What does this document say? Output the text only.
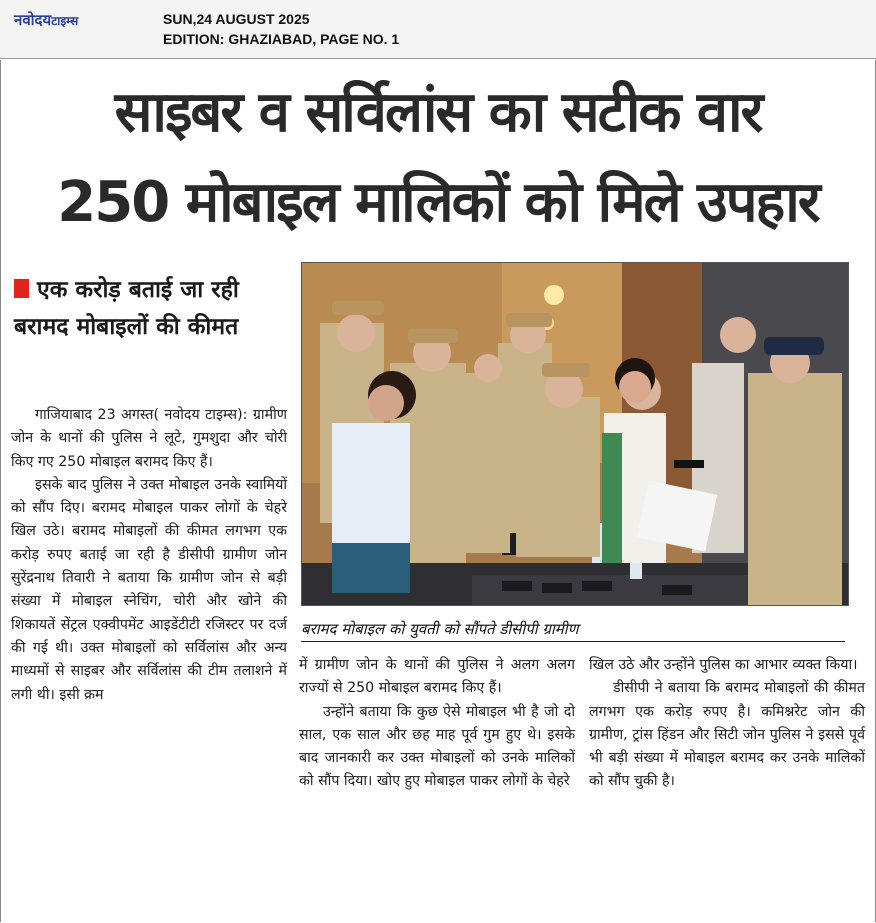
नवोदयटाइम्स	SUN,24 AUGUST 2025
EDITION: GHAZIABAD, PAGE NO. 1
साइबर व सर्विलांस का सटीक वार
250 मोबाइल मालिकों को मिले उपहार
एक करोड़ बताई जा रही बरामद मोबाइलों की कीमत

गाजियाबाद 23 अगस्त( नवोदय टाइम्स): ग्रामीण जोन के थानों की पुलिस ने लूटे, गुमशुदा और चोरी किए गए 250 मोबाइल बरामद किए हैं।

इसके बाद पुलिस ने उक्त मोबाइल उनके स्वामियों को सौंप दिए। बरामद मोबाइल पाकर लोगों के चेहरे खिल उठे। बरामद मोबाइलों की कीमत लगभग एक करोड़ रुपए बताई जा रही है डीसीपी ग्रामीण जोन सुरेंद्रनाथ तिवारी ने बताया कि ग्रामीण जोन से बड़ी संख्या में मोबाइल स्नेचिंग, चोरी और खोने की शिकायतें सेंट्रल एक्वीपमेंट आइडेंटीटी रजिस्टर पर दर्ज की गई थी। उक्त मोबाइलों को सर्विलांस और अन्य माध्यमों से साइबर और सर्विलांस की टीम तलाशने में लगी थी। इसी क्रम

बरामद मोबाइल को युवती को सौंपते डीसीपी ग्रामीण

में ग्रामीण जोन के थानों की पुलिस ने अलग अलग राज्यों से 250 मोबाइल बरामद किए हैं।

उन्होंने बताया कि कुछ ऐसे मोबाइल भी है जो दो साल, एक साल और छह माह पूर्व गुम हुए थे। इसके बाद जानकारी कर उक्त मोबाइलों को उनके मालिकों को सौंप दिया। खोए हुए मोबाइल पाकर लोगों के चेहरे

खिल उठे और उन्होंने पुलिस का आभार व्यक्त किया।

डीसीपी ने बताया कि बरामद मोबाइलों की कीमत लगभग एक करोड़ रुपए है। कमिश्नरेट जोन की ग्रामीण, ट्रांस हिंडन और सिटी जोन पुलिस ने इससे पूर्व भी बड़ी संख्या में मोबाइल बरामद कर उनके मालिकों को सौंप चुकी है।
